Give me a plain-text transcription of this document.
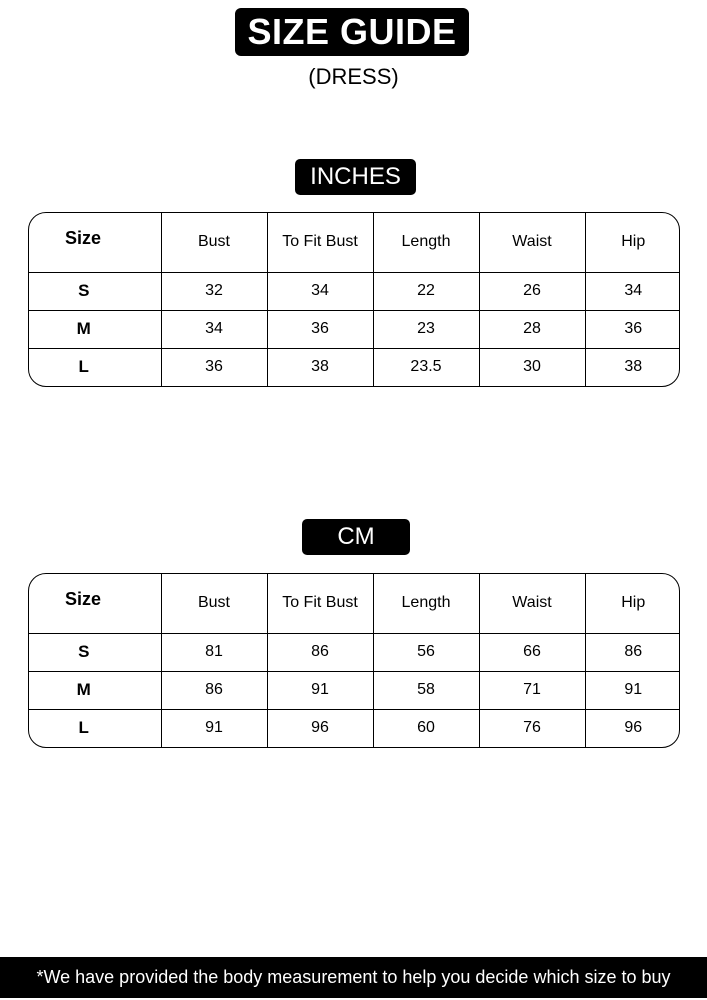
SIZE GUIDE
(DRESS)
INCHES
Size	Bust	To Fit Bust	Length	Waist	Hip
S	32	34	22	26	34
M	34	36	23	28	36
L	36	38	23.5	30	38
CM
Size	Bust	To Fit Bust	Length	Waist	Hip
S	81	86	56	66	86
M	86	91	58	71	91
L	91	96	60	76	96
*We have provided the body measurement to help you decide which size to buy
